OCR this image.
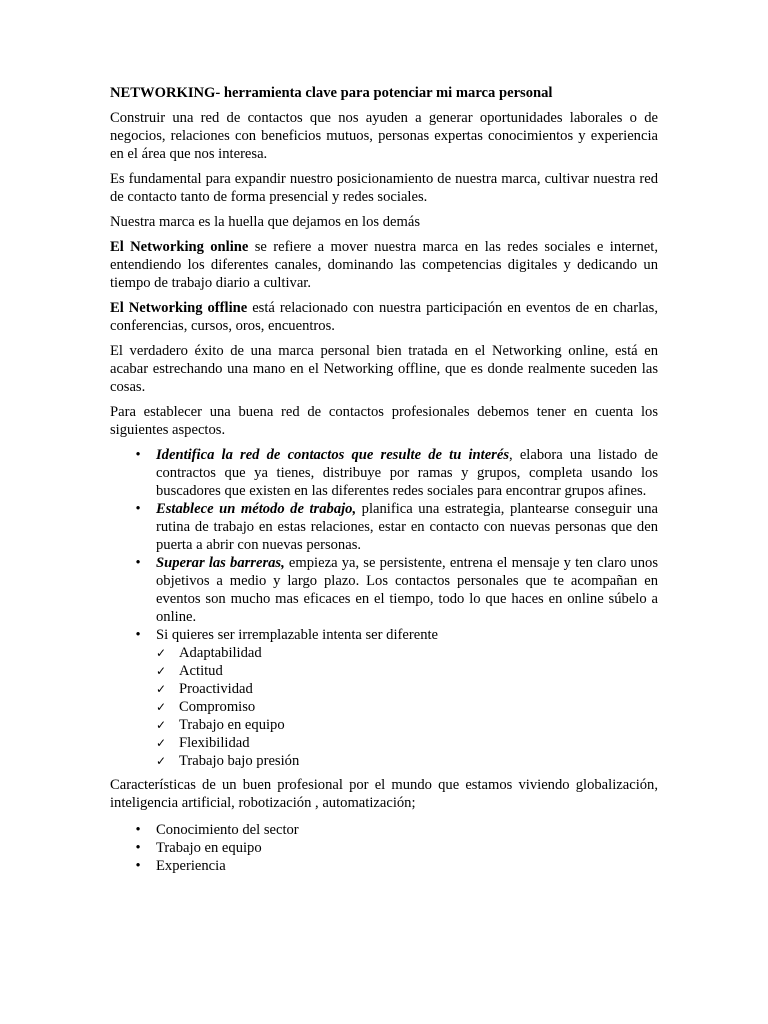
NETWORKING- herramienta clave para potenciar mi marca personal

Construir una red de contactos que nos ayuden a generar oportunidades laborales o de negocios, relaciones con beneficios mutuos, personas expertas conocimientos y experiencia en el área que nos interesa.

Es fundamental para expandir nuestro posicionamiento de nuestra marca, cultivar nuestra red de contacto tanto de forma presencial y redes sociales.

Nuestra marca es la huella que dejamos en los demás

El Networking online se refiere a mover nuestra marca en las redes sociales e internet, entendiendo los diferentes canales, dominando las competencias digitales y dedicando un tiempo de trabajo diario a cultivar.

El Networking offline está relacionado con nuestra participación en eventos de en charlas, conferencias, cursos, oros, encuentros.

El verdadero éxito de una marca personal bien tratada en el Networking online, está en acabar estrechando una mano en el Networking offline, que es donde realmente suceden las cosas.

Para establecer una buena red de contactos profesionales debemos tener en cuenta los siguientes aspectos.

• Identifica la red de contactos que resulte de tu interés, elabora una listado de contractos que ya tienes, distribuye por ramas y grupos, completa usando los buscadores que existen en las diferentes redes sociales para encontrar grupos afines.
• Establece un método de trabajo, planifica una estrategia, plantearse conseguir una rutina de trabajo en estas relaciones, estar en contacto con nuevas personas que den puerta a abrir con nuevas personas.
• Superar las barreras, empieza ya, se persistente, entrena el mensaje y ten claro unos objetivos a medio y largo plazo. Los contactos personales que te acompañan en eventos son mucho mas eficaces en el tiempo, todo lo que haces en online súbelo a online.
• Si quieres ser irremplazable intenta ser diferente
✓ Adaptabilidad
✓ Actitud
✓ Proactividad
✓ Compromiso
✓ Trabajo en equipo
✓ Flexibilidad
✓ Trabajo bajo presión

Características de un buen profesional por el mundo que estamos viviendo globalización, inteligencia artificial, robotización , automatización;

• Conocimiento del sector
• Trabajo en equipo
• Experiencia
